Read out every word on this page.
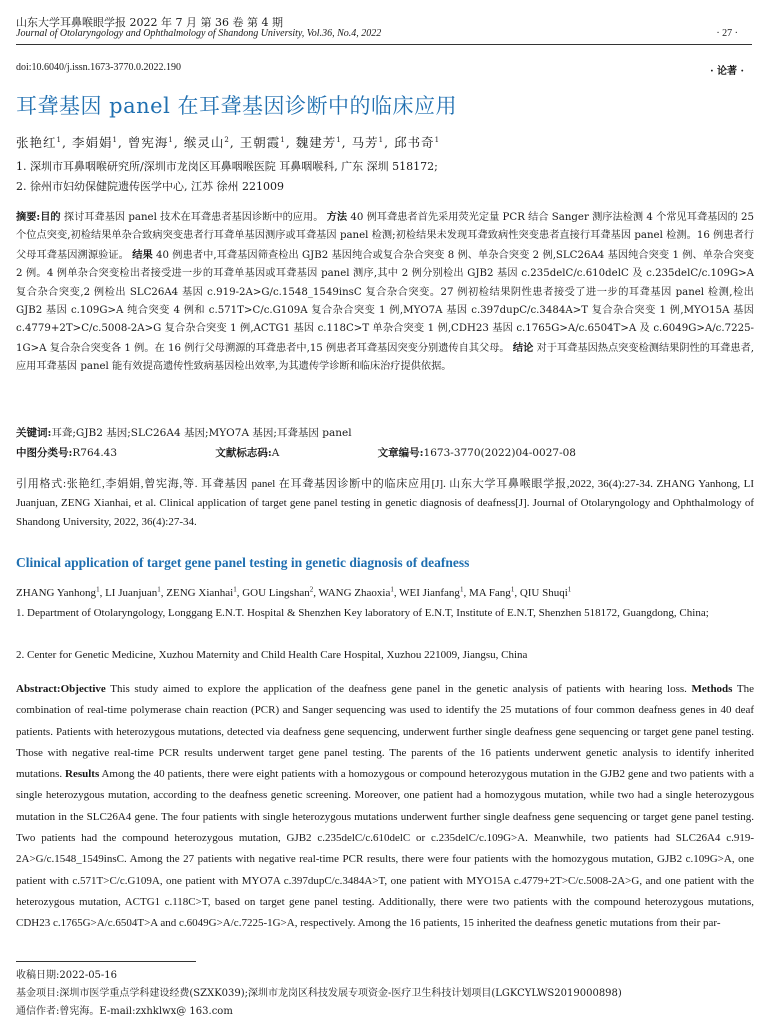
山东大学耳鼻喉眼学报 2022 年 7 月 第 36 卷 第 4 期
Journal of Otolaryngology and Ophthalmology of Shandong University, Vol.36, No.4, 2022	· 27 ·
doi:10.6040/j.issn.1673-3770.0.2022.190	· 论著 ·
耳聋基因 panel 在耳聋基因诊断中的临床应用
张艳红$^1$, 李娟娟$^1$, 曾宪海$^1$, 缑灵山$^2$, 王朝霞$^1$, 魏建芳$^1$, 马芳$^1$, 邱书奇$^1$
1. 深圳市耳鼻咽喉研究所/深圳市龙岗区耳鼻咽喉医院 耳鼻咽喉科, 广东 深圳 518172;
2. 徐州市妇幼保健院遗传医学中心, 江苏 徐州 221009
摘要:目的 探讨耳聋基因 panel 技术在耳聋患者基因诊断中的应用。 方法 40 例耳聋患者首先采用荧光定量 PCR 结合 Sanger 测序法检测 4 个常见耳聋基因的 25 个位点突变,初检结果单杂合致病突变患者行耳聋单基因测序或耳聋基因 panel 检测;初检结果未发现耳聋致病性突变患者直接行耳聋基因 panel 检测。16 例患者行父母耳聋基因溯源验证。 结果 40 例患者中,耳聋基因筛查检出 GJB2 基因纯合或复合杂合突变 8 例、单杂合突变 2 例,SLC26A4 基因纯合突变 1 例、单杂合突变 2 例。4 例单杂合突变检出者接受进一步的耳聋单基因或耳聋基因 panel 测序,其中 2 例分别检出 GJB2 基因 c.235delC/c.610delC 及 c.235delC/c.109G>A 复合杂合突变,2 例检出 SLC26A4 基因 c.919-2A>G/c.1548_1549insC 复合杂合突变。27 例初检结果阴性患者接受了进一步的耳聋基因 panel 检测,检出 GJB2 基因 c.109G>A 纯合突变 4 例和 c.571T>C/c.G109A 复合杂合突变 1 例,MYO7A 基因 c.397dupC/c.3484A>T 复合杂合突变 1 例,MYO15A 基因 c.4779+2T>C/c.5008-2A>G 复合杂合突变 1 例,ACTG1 基因 c.118C>T 单杂合突变 1 例,CDH23 基因 c.1765G>A/c.6504T>A 及 c.6049G>A/c.7225-1G>A 复合杂合突变各 1 例。在 16 例行父母溯源的耳聋患者中,15 例患者耳聋基因突变分别遗传自其父母。 结论 对于耳聋基因热点突变检测结果阴性的耳聋患者,应用耳聋基因 panel 能有效提高遗传性致病基因检出效率,为其遗传学诊断和临床治疗提供依据。
关键词:耳聋;GJB2 基因;SLC26A4 基因;MYO7A 基因;耳聋基因 panel
中图分类号:R764.43	文献标志码:A	文章编号:1673-3770(2022)04-0027-08
引用格式:张艳红,李娟娟,曾宪海,等. 耳聋基因 panel 在耳聋基因诊断中的临床应用[J]. 山东大学耳鼻喉眼学报,2022, 36(4):27-34. ZHANG Yanhong, LI Juanjuan, ZENG Xianhai, et al. Clinical application of target gene panel testing in genetic diagnosis of deafness[J]. Journal of Otolaryngology and Ophthalmology of Shandong University, 2022, 36(4):27-34.
Clinical application of target gene panel testing in genetic diagnosis of deafness
ZHANG Yanhong$^1$, LI Juanjuan$^1$, ZENG Xianhai$^1$, GOU Lingshan$^2$, WANG Zhaoxia$^1$, WEI Jianfang$^1$, MA Fang$^1$, QIU Shuqi$^1$
1. Department of Otolaryngology, Longgang E.N.T. Hospital & Shenzhen Key laboratory of E.N.T, Institute of E.N.T, Shenzhen 518172, Guangdong, China;
2. Center for Genetic Medicine, Xuzhou Maternity and Child Health Care Hospital, Xuzhou 221009, Jiangsu, China
Abstract:Objective This study aimed to explore the application of the deafness gene panel in the genetic analysis of patients with hearing loss. Methods The combination of real-time polymerase chain reaction (PCR) and Sanger sequencing was used to identify the 25 mutations of four common deafness genes in 40 deaf patients. Patients with heterozygous mutations, detected via deafness gene sequencing, underwent further single deafness gene sequencing or target gene panel testing. Those with negative real-time PCR results underwent target gene panel testing. The parents of the 16 patients underwent genetic analysis to identify inherited mutations. Results Among the 40 patients, there were eight patients with a homozygous or compound heterozygous mutation in the GJB2 gene and two patients with a single heterozygous mutation, according to the deafness genetic screening. Moreover, one patient had a homozygous mutation, while two had a single heterozygous mutation in the SLC26A4 gene. The four patients with single heterozygous mutations underwent further single deafness gene sequencing or target gene panel testing. Two patients had the compound heterozygous mutation, GJB2 c.235delC/c.610delC or c.235delC/c.109G>A. Meanwhile, two patients had SLC26A4 c.919-2A>G/c.1548_1549insC. Among the 27 patients with negative real-time PCR results, there were four patients with the homozygous mutation, GJB2 c.109G>A, one patient with c.571T>C/c.G109A, one patient with MYO7A c.397dupC/c.3484A>T, one patient with MYO15A c.4779+2T>C/c.5008-2A>G, and one patient with the heterozygous mutation, ACTG1 c.118C>T, based on target gene panel testing. Additionally, there were two patients with the compound heterozygous mutations, CDH23 c.1765G>A/c.6504T>A and c.6049G>A/c.7225-1G>A, respectively. Among the 16 patients, 15 inherited the deafness genetic mutations from their par-
收稿日期:2022-05-16
基金项目:深圳市医学重点学科建设经费(SZXK039);深圳市龙岗区科技发展专项资金-医疗卫生科技计划项目(LGKCYLWS2019000898)
通信作者:曾宪海。E-mail:zxhklwx@ 163.com
